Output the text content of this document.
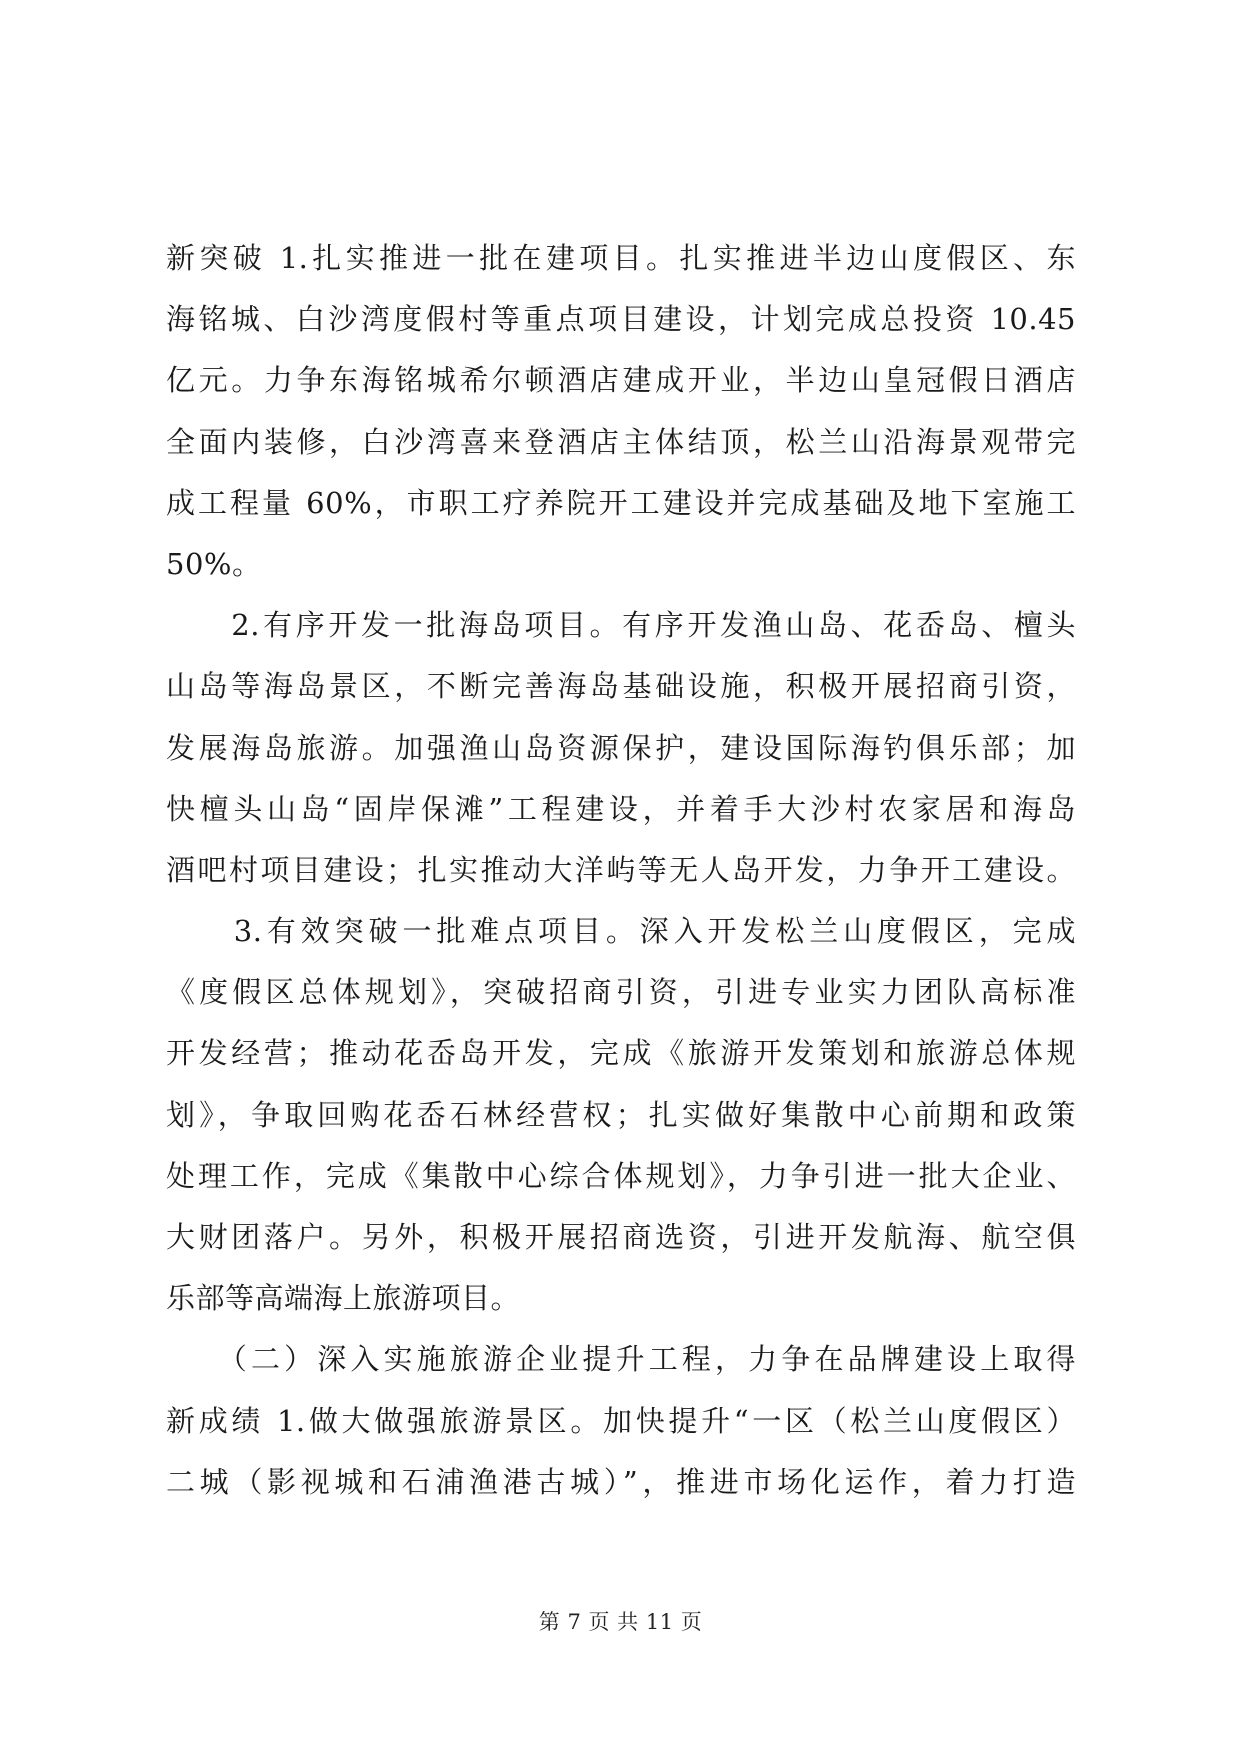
新突破 1.扎实推进一批在建项目。扎实推进半边山度假区、东
海铭城、白沙湾度假村等重点项目建设，计划完成总投资 10.45
亿元。力争东海铭城希尔顿酒店建成开业，半边山皇冠假日酒店
全面内装修，白沙湾喜来登酒店主体结顶，松兰山沿海景观带完
成工程量 60%，市职工疗养院开工建设并完成基础及地下室施工
50%。
　　2.有序开发一批海岛项目。有序开发渔山岛、花岙岛、檀头
山岛等海岛景区，不断完善海岛基础设施，积极开展招商引资，
发展海岛旅游。加强渔山岛资源保护，建设国际海钓俱乐部；加
快檀头山岛“固岸保滩”工程建设，并着手大沙村农家居和海岛
酒吧村项目建设；扎实推动大洋屿等无人岛开发，力争开工建设。
　　3.有效突破一批难点项目。深入开发松兰山度假区，完成
《度假区总体规划》，突破招商引资，引进专业实力团队高标准
开发经营；推动花岙岛开发，完成《旅游开发策划和旅游总体规
划》，争取回购花岙石林经营权；扎实做好集散中心前期和政策
处理工作，完成《集散中心综合体规划》，力争引进一批大企业、
大财团落户。另外，积极开展招商选资，引进开发航海、航空俱
乐部等高端海上旅游项目。
　　（二）深入实施旅游企业提升工程，力争在品牌建设上取得
新成绩 1.做大做强旅游景区。加快提升“一区（松兰山度假区）
二城（影视城和石浦渔港古城）”，推进市场化运作，着力打造
第 7 页 共 11 页
